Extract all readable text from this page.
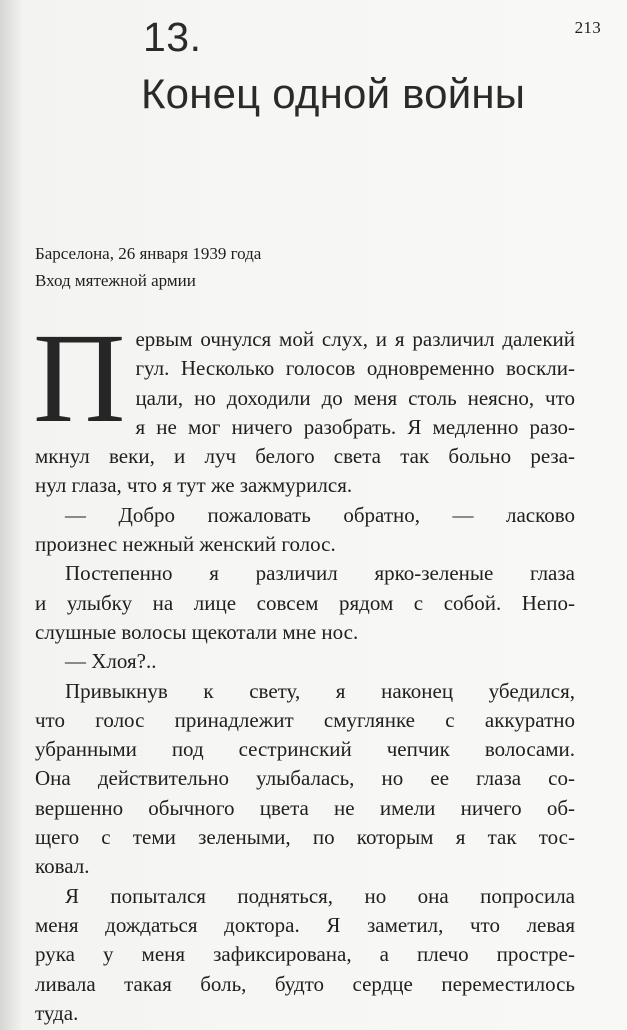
213
13.
Конец одной войны
Барселона, 26 января 1939 года
Вход мятежной армии
П ервым очнулся мой слух, и я различил далекий
гул. Несколько голосов одновременно воскли-
цали, но доходили до меня столь неясно, что
я не мог ничего разобрать. Я медленно разо-
мкнул веки, и луч белого света так больно реза-
нул глаза, что я тут же зажмурился.
— Добро пожаловать обратно, — ласково
произнес нежный женский голос.
Постепенно я различил ярко-зеленые глаза
и улыбку на лице совсем рядом с собой. Непо-
слушные волосы щекотали мне нос.
— Хлоя?..
Привыкнув к свету, я наконец убедился,
что голос принадлежит смуглянке с аккуратно
убранными под сестринский чепчик волосами.
Она действительно улыбалась, но ее глаза со-
вершенно обычного цвета не имели ничего об-
щего с теми зелеными, по которым я так тос-
ковал.
Я попытался подняться, но она попросила
меня дождаться доктора. Я заметил, что левая
рука у меня зафиксирована, а плечо простре-
ливала такая боль, будто сердце переместилось
туда.
